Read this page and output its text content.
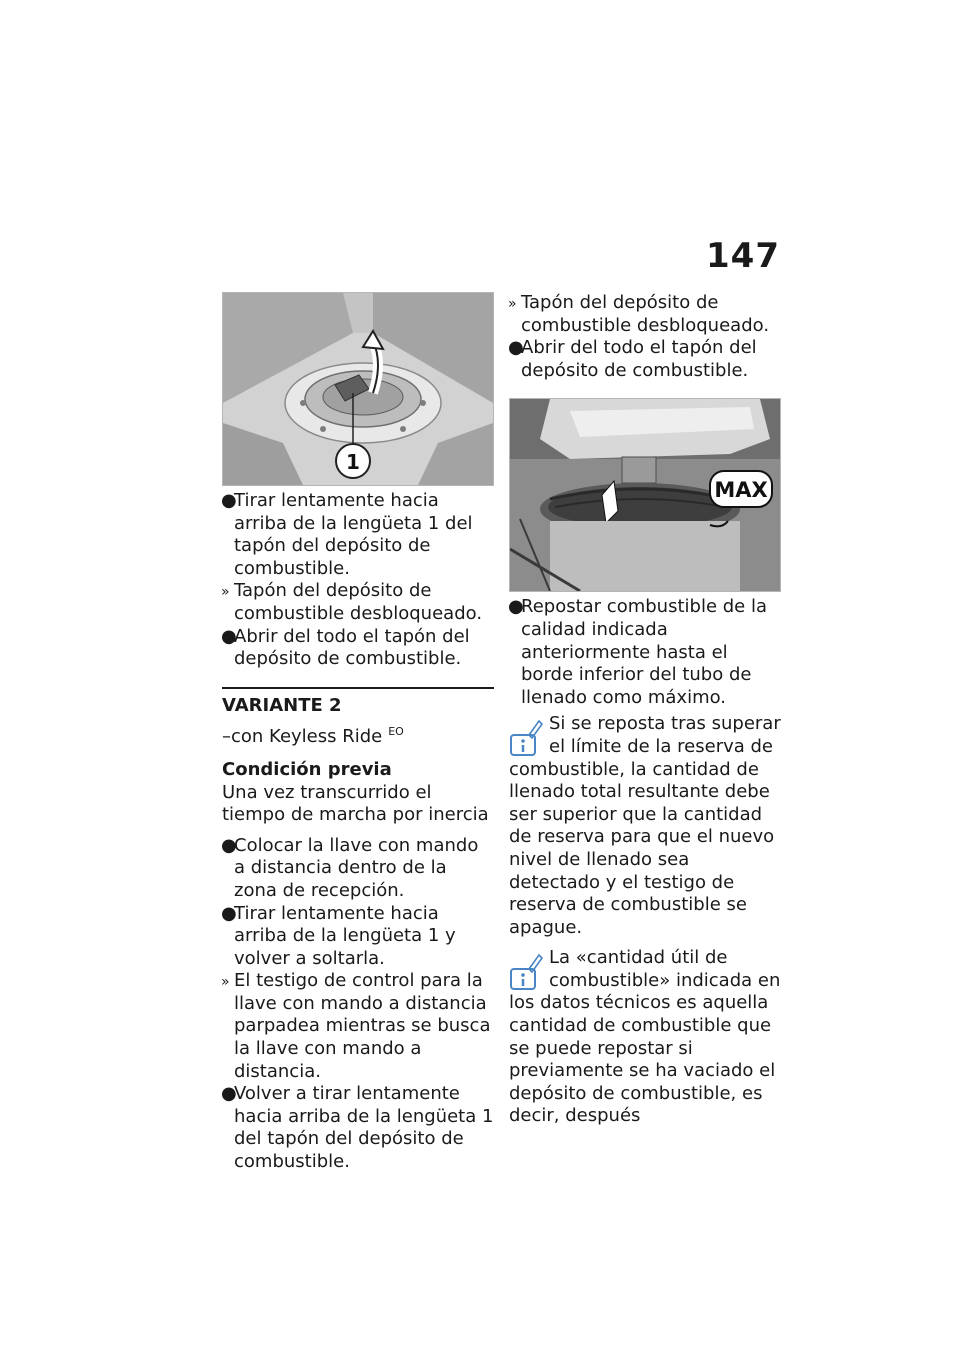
147
1

●
Tirar lentamente hacia arriba de la lengüeta 1 del tapón del depósito de combustible.

» Tapón del depósito de combustible desbloqueado.

●
Abrir del todo el tapón del depósito de combustible.

VARIANTE 2

–con Keyless Ride $^{EO}$

Condición previa

Una vez transcurrido el tiempo de marcha por inercia

●
Colocar la llave con mando a distancia dentro de la zona de recepción.

●
Tirar lentamente hacia arriba de la lengüeta 1 y volver a soltarla.

» El testigo de control para la llave con mando a distancia parpadea mientras se busca la llave con mando a distancia.

●
Volver a tirar lentamente hacia arriba de la lengüeta 1 del tapón del depósito de combustible.

» Tapón del depósito de combustible desbloqueado.

●
Abrir del todo el tapón del depósito de combustible.

MAX

●
Repostar combustible de la calidad indicada anteriormente hasta el borde inferior del tubo de llenado como máximo.

Si se reposta tras superar el límite de la reserva de combustible, la cantidad de llenado total resultante debe ser superior que la cantidad de reserva para que el nuevo nivel de llenado sea detectado y el testigo de reserva de combustible se apague.

La «cantidad útil de combustible» indicada en los datos técnicos es aquella cantidad de combustible que se puede repostar si previamente se ha vaciado el depósito de combustible, es decir, después
